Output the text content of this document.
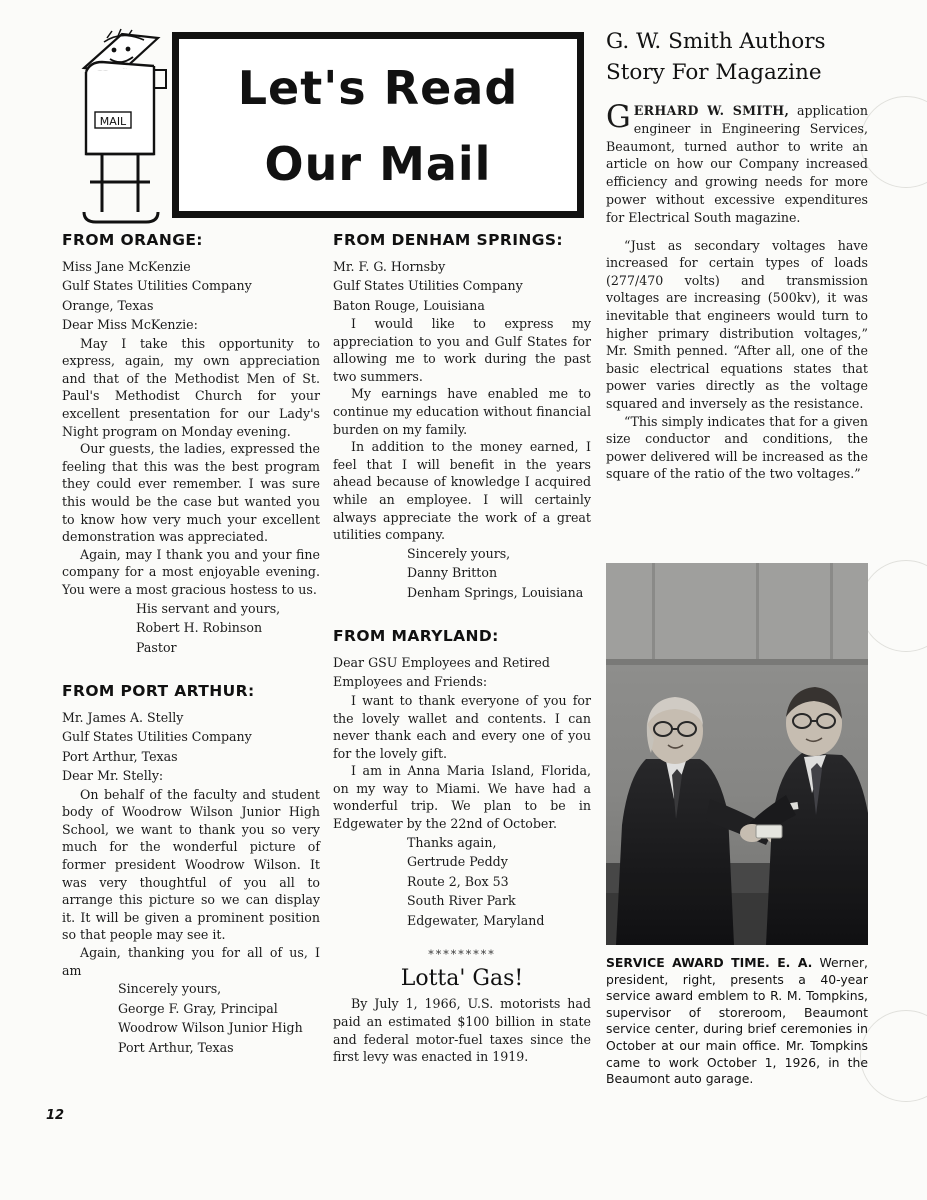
MAIL
Let's Read
Our Mail
FROM ORANGE:

Miss Jane McKenzie
Gulf States Utilities Company
Orange, Texas
Dear Miss McKenzie:

May I take this opportunity to express, again, my own appreciation and that of the Methodist Men of St. Paul's Methodist Church for your excellent presentation for our Lady's Night program on Monday evening.

Our guests, the ladies, expressed the feeling that this was the best program they could ever remember. I was sure this would be the case but wanted you to know how very much your excellent demonstration was appreciated.

Again, may I thank you and your fine company for a most enjoyable evening. You were a most gracious hostess to us.

His servant and yours,
Robert H. Robinson
Pastor

FROM PORT ARTHUR:

Mr. James A. Stelly
Gulf States Utilities Company
Port Arthur, Texas
Dear Mr. Stelly:

On behalf of the faculty and student body of Woodrow Wilson Junior High School, we want to thank you so very much for the wonderful picture of former president Woodrow Wilson. It was very thoughtful of you all to arrange this picture so we can display it. It will be given a prominent position so that people may see it.

Again, thanking you for all of us, I am

Sincerely yours,
George F. Gray, Principal
Woodrow Wilson Junior High
Port Arthur, Texas

FROM DENHAM SPRINGS:

Mr. F. G. Hornsby
Gulf States Utilities Company
Baton Rouge, Louisiana

I would like to express my appreciation to you and Gulf States for allowing me to work during the past two summers.

My earnings have enabled me to continue my education without financial burden on my family.

In addition to the money earned, I feel that I will benefit in the years ahead because of knowledge I acquired while an employee. I will certainly always appreciate the work of a great utilities company.

Sincerely yours,
Danny Britton
Denham Springs, Louisiana

FROM MARYLAND:

Dear GSU Employees and Retired
Employees and Friends:

I want to thank everyone of you for the lovely wallet and contents. I can never thank each and every one of you for the lovely gift.

I am in Anna Maria Island, Florida, on my way to Miami. We have had a wonderful trip. We plan to be in Edgewater by the 22nd of October.

Thanks again,
Gertrude Peddy
Route 2, Box 53
South River Park
Edgewater, Maryland

*********
Lotta' Gas!

By July 1, 1966, U.S. motorists had paid an estimated $100 billion in state and federal motor-fuel taxes since the first levy was enacted in 1919.

G. W. Smith Authors
Story For Magazine

GERHARD W. SMITH, application engineer in Engineering Services, Beaumont, turned author to write an article on how our Company increased efficiency and growing needs for more power without excessive expenditures for Electrical South magazine.

“Just as secondary voltages have increased for certain types of loads (277/470 volts) and transmission voltages are increasing (500kv), it was inevitable that engineers would turn to higher primary distribution voltages,” Mr. Smith penned. “After all, one of the basic electrical equations states that power varies directly as the voltage squared and inversely as the resistance.

“This simply indicates that for a given size conductor and conditions, the power delivered will be increased as the square of the ratio of the two voltages.”

SERVICE AWARD TIME. E. A. Werner, president, right, presents a 40-year service award emblem to R. M. Tompkins, supervisor of storeroom, Beaumont service center, during brief ceremonies in October at our main office. Mr. Tompkins came to work October 1, 1926, in the Beaumont auto garage.
12
